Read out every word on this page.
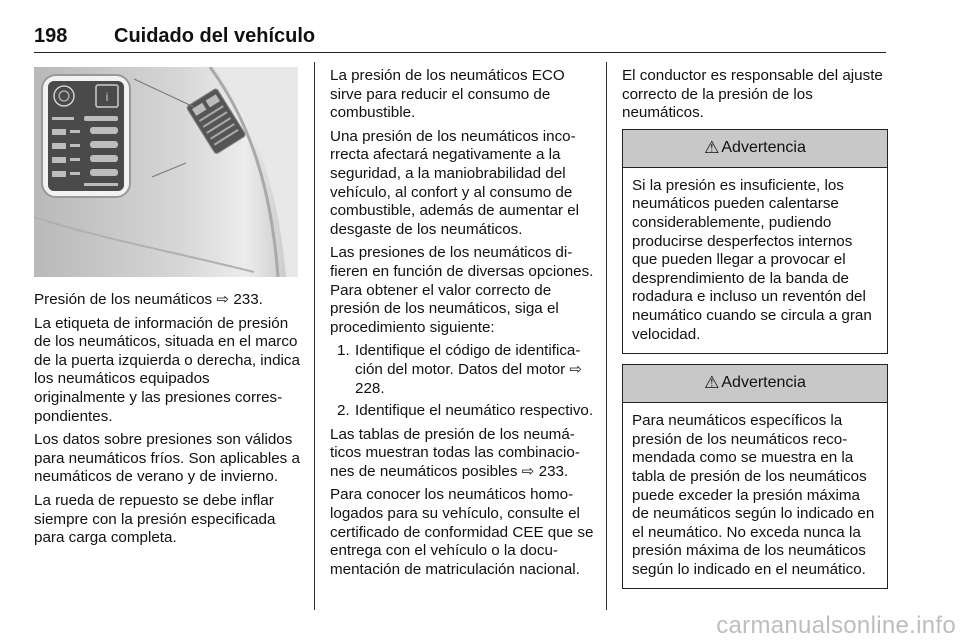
198 Cuidado del vehículo
i

Presión de los neumáticos ⇨ 233.

La etiqueta de información de presión de los neumáticos, situada en el marco de la puerta izquierda o derecha, indica los neumáticos equipados originalmente y las presiones correspondientes.

Los datos sobre presiones son válidos para neumáticos fríos. Son aplicables a neumáticos de verano y de invierno.

La rueda de repuesto se debe inflar siempre con la presión especificada para carga completa.

La presión de los neumáticos ECO sirve para reducir el consumo de combustible.

Una presión de los neumáticos incorrecta afectará negativamente a la seguridad, a la maniobrabilidad del vehículo, al confort y al consumo de combustible, además de aumentar el desgaste de los neumáticos.

Las presiones de los neumáticos difieren en función de diversas opciones. Para obtener el valor correcto de presión de los neumáticos, siga el procedimiento siguiente:

1. Identifique el código de identificación del motor. Datos del motor ⇨ 228.
2. Identifique el neumático respectivo.

Las tablas de presión de los neumáticos muestran todas las combinaciones de neumáticos posibles ⇨ 233.

Para conocer los neumáticos homologados para su vehículo, consulte el certificado de conformidad CEE que se entrega con el vehículo o la documentación de matriculación nacional.

El conductor es responsable del ajuste correcto de la presión de los neumáticos.

⚠ Advertencia
Si la presión es insuficiente, los neumáticos pueden calentarse considerablemente, pudiendo producirse desperfectos internos que pueden llegar a provocar el desprendimiento de la banda de rodadura e incluso un reventón del neumático cuando se circula a gran velocidad.
⚠ Advertencia
Para neumáticos específicos la presión de los neumáticos recomendada como se muestra en la tabla de presión de los neumáticos puede exceder la presión máxima de neumáticos según lo indicado en el neumático. No exceda nunca la presión máxima de los neumáticos según lo indicado en el neumático.
carmanualsonline.info
